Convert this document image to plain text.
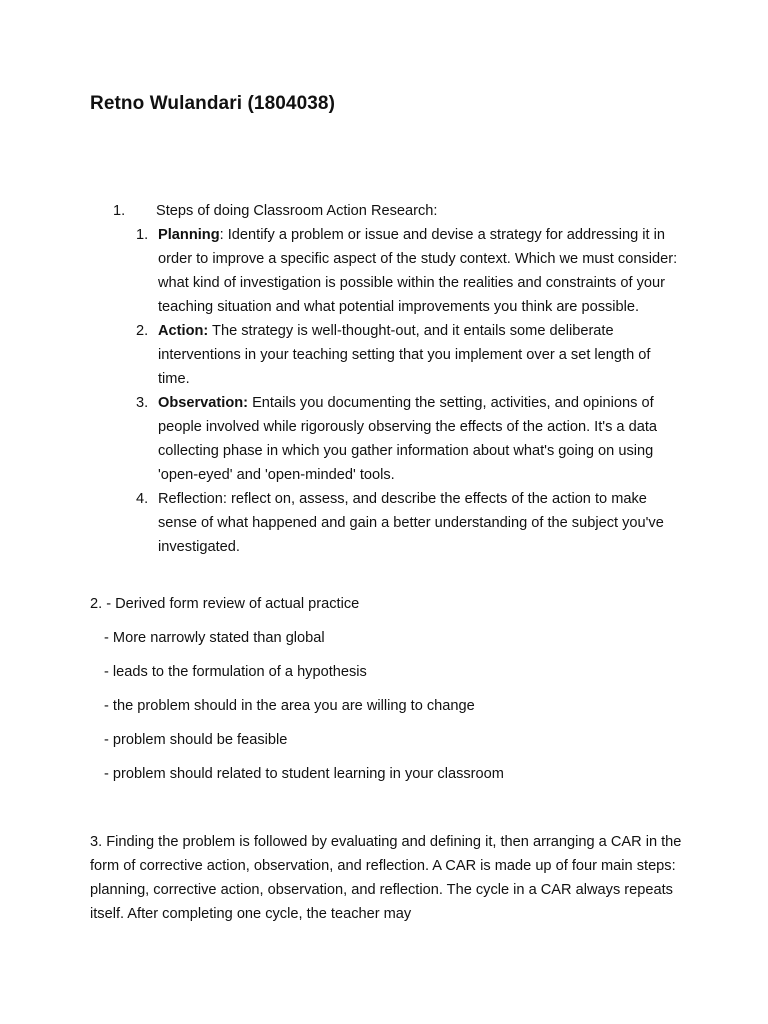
Retno Wulandari (1804038)
1. Steps of doing Classroom Action Research:
1. Planning: Identify a problem or issue and devise a strategy for addressing it in order to improve a specific aspect of the study context. Which we must consider: what kind of investigation is possible within the realities and constraints of your teaching situation and what potential improvements you think are possible.
2. Action: The strategy is well-thought-out, and it entails some deliberate interventions in your teaching setting that you implement over a set length of time.
3. Observation: Entails you documenting the setting, activities, and opinions of people involved while rigorously observing the effects of the action. It's a data collecting phase in which you gather information about what's going on using 'open-eyed' and 'open-minded' tools.
4. Reflection: reflect on, assess, and describe the effects of the action to make sense of what happened and gain a better understanding of the subject you've investigated.

2. - Derived form review of actual practice

- More narrowly stated than global
- leads to the formulation of a hypothesis
- the problem should in the area you are willing to change
- problem should be feasible
- problem should related to student learning in your classroom

3. Finding the problem is followed by evaluating and defining it, then arranging a CAR in the form of corrective action, observation, and reflection. A CAR is made up of four main steps: planning, corrective action, observation, and reflection. The cycle in a CAR always repeats itself. After completing one cycle, the teacher may
